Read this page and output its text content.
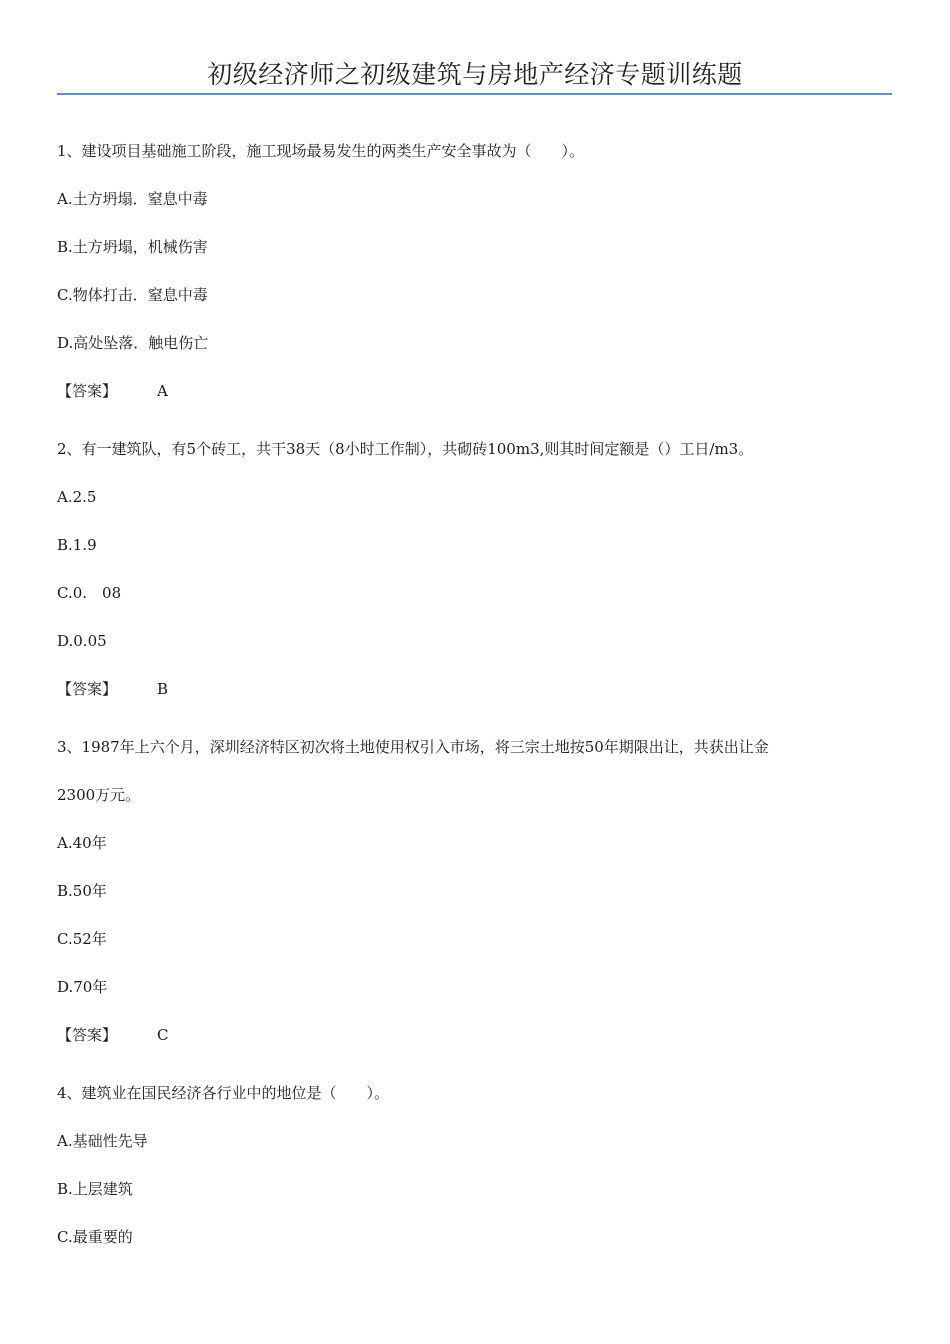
初级经济师之初级建筑与房地产经济专题训练题
1、建设项目基础施工阶段，施工现场最易发生的两类生产安全事故为（　　）。
A.土方坍塌．窒息中毒
B.土方坍塌，机械伤害
C.物体打击．窒息中毒
D.高处坠落．触电伤亡
【答案】	A
2、有一建筑队，有5个砖工，共干38天（8小时工作制），共砌砖100m3,则其时间定额是（）工日/m3。
A.2.5
B.1.9
C.0.　08
D.0.05
【答案】	B
3、1987年上六个月，深圳经济特区初次将土地使用权引入市场，将三宗土地按50年期限出让，共获出让金
2300万元。
A.40年
B.50年
C.52年
D.70年
【答案】	C
4、建筑业在国民经济各行业中的地位是（　　）。
A.基础性先导
B.上层建筑
C.最重要的
